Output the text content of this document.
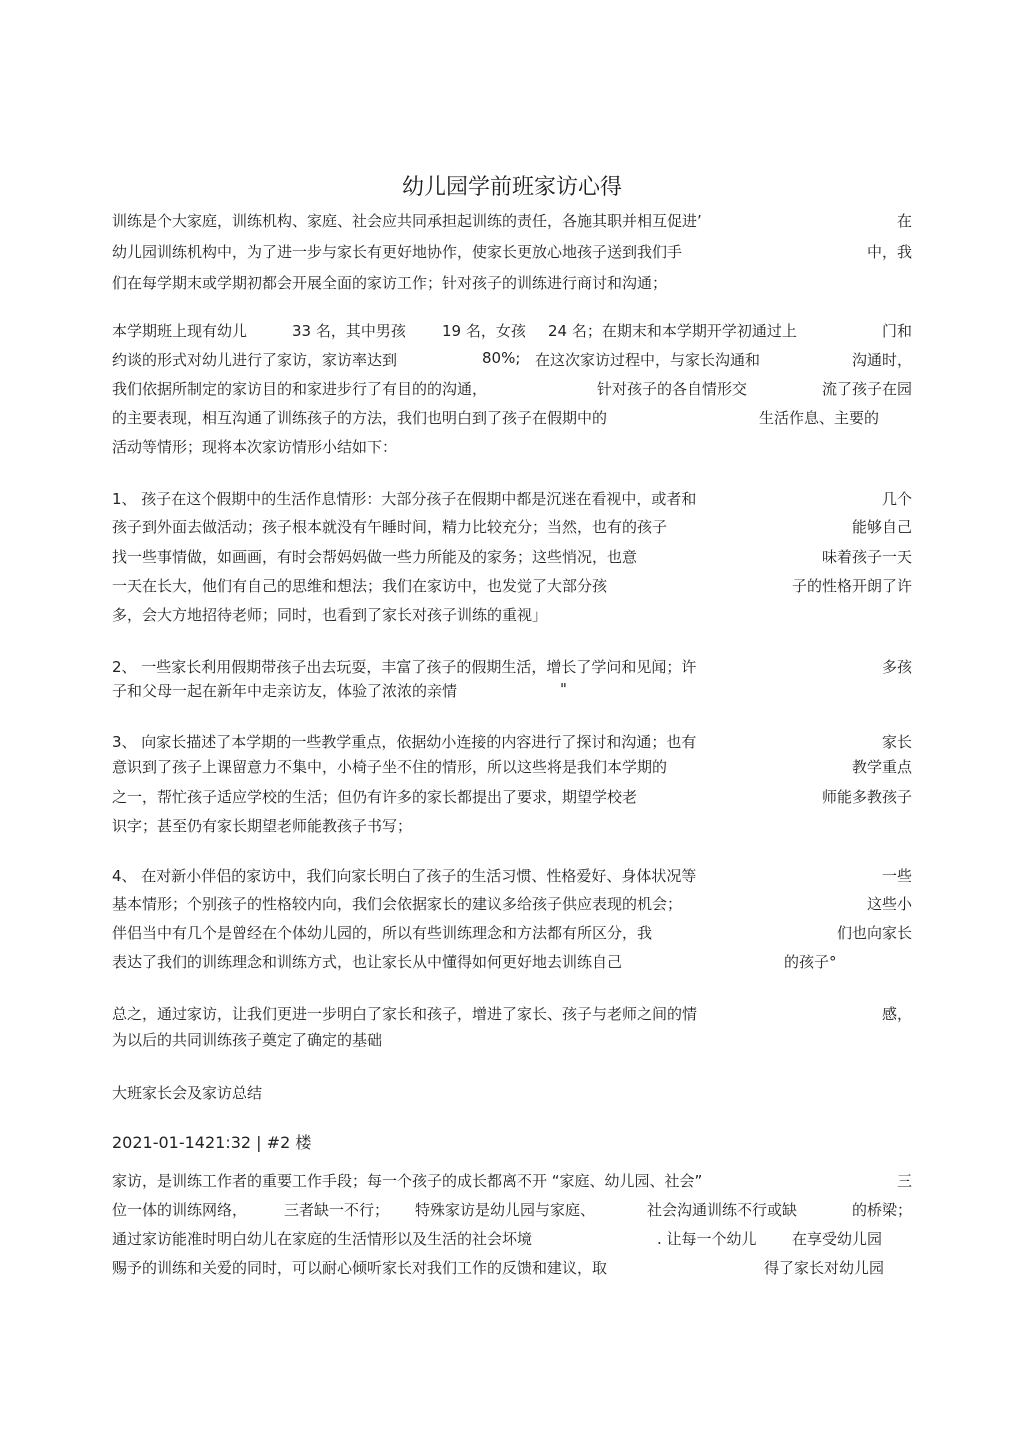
幼儿园学前班家访心得
训练是个大家庭，训练机构、家庭、社会应共同承担起训练的责任，各施其职并相互促进’	在
幼儿园训练机构中，为了进一步与家长有更好地协作，使家长更放心地孩子送到我们手	中，我
们在每学期末或学期初都会开展全面的家访工作；针对孩子的训练进行商讨和沟通；
本学期班上现有幼儿	33 名，其中男孩 19 名，女孩 24 名；在期末和本学期开学初通过上	门和
约谈的形式对幼儿进行了家访，家访率达到	80%; 在这次家访过程中，与家长沟通和	沟通时，
我们依据所制定的家访目的和家进步行了有目的的沟通，	针对孩子的各自情形交	流了孩子在园
的主要表现，相互沟通了训练孩子的方法，我们也明白到了孩子在假期中的	生活作息、主要的
活动等情形；现将本次家访情形小结如下：
1、 孩子在这个假期中的生活作息情形：大部分孩子在假期中都是沉迷在看视中，或者和	几个
孩子到外面去做活动；孩子根本就没有午睡时间，精力比较充分；当然，也有的孩子	能够自己
找一些事情做，如画画，有时会帮妈妈做一些力所能及的家务；这些悄况，也意	味着孩子一天
一天在长大，他们有自己的思维和想法；我们在家访中，也发觉了大部分孩	子的性格开朗了许
多，会大方地招待老师；同时，也看到了家长对孩子训练的重视」
2、 一些家长利用假期带孩子出去玩耍，丰富了孩子的假期生活，增长了学问和见闻；许	多孩
子和父母一起在新年中走亲访友，体验了浓浓的亲情	"
3、 向家长描述了本学期的一些教学重点，依据幼小连接的内容进行了探讨和沟通；也有	家长
意识到了孩子上课留意力不集中，小椅子坐不住的情形，所以这些将是我们本学期的	教学重点
之一，帮忙孩子适应学校的生活；但仍有许多的家长都提出了要求，期望学校老	师能多教孩子
识字；甚至仍有家长期望老师能教孩子书写；
4、 在对新小伴侣的家访中，我们向家长明白了孩子的生活习惯、性格爱好、身体状况等	一些
基本情形；个别孩子的性格较内向，我们会依据家长的建议多给孩子供应表现的机会；	这些小
伴侣当中有几个是曾经在个体幼儿园的，所以有些训练理念和方法都有所区分，我	们也向家长
表达了我们的训练理念和训练方式，也让家长从中懂得如何更好地去训练自己	的孩子°
总之，通过家访，让我们更进一步明白了家长和孩子，增进了家长、孩子与老师之间的情	感，
为以后的共同训练孩子奠定了确定的基础
大班家长会及家访总结
2021-01-1421:32 | #2 楼
家访，是训练工作者的重要工作手段；每一个孩子的成长都离不开 “家庭、幼儿园、社会”	三
位一体的训练网络， 三者缺一不行； 特殊家访是幼儿园与家庭、	社会沟通训练不行或缺	的桥梁；
通过家访能准时明白幼儿在家庭的生活情形以及生活的社会坏境	. 让每一个幼儿 在享受幼儿园
赐予的训练和关爱的同时，可以耐心倾听家长对我们工作的反馈和建议，取	得了家长对幼儿园
